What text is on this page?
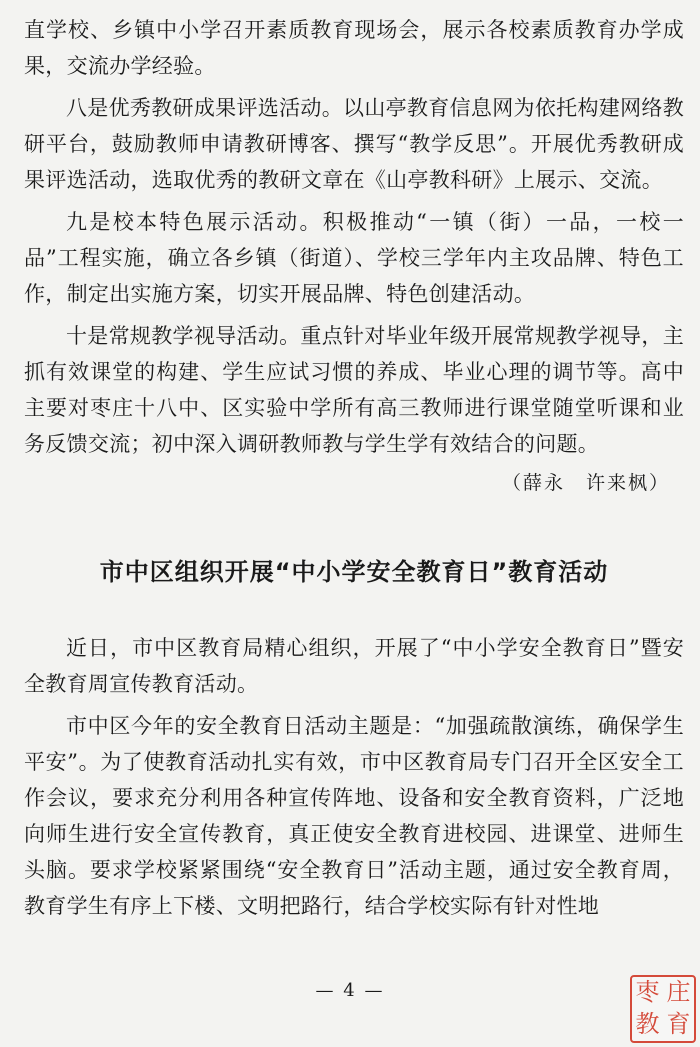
直学校、乡镇中小学召开素质教育现场会，展示各校素质教育办学成果，交流办学经验。

八是优秀教研成果评选活动。以山亭教育信息网为依托构建网络教研平台，鼓励教师申请教研博客、撰写“教学反思”。开展优秀教研成果评选活动，选取优秀的教研文章在《山亭教科研》上展示、交流。

九是校本特色展示活动。积极推动“一镇（街）一品，一校一品”工程实施，确立各乡镇（街道）、学校三学年内主攻品牌、特色工作，制定出实施方案，切实开展品牌、特色创建活动。

十是常规教学视导活动。重点针对毕业年级开展常规教学视导，主抓有效课堂的构建、学生应试习惯的养成、毕业心理的调节等。高中主要对枣庄十八中、区实验中学所有高三教师进行课堂随堂听课和业务反馈交流；初中深入调研教师教与学生学有效结合的问题。

（薛永　许来枫）

市中区组织开展“中小学安全教育日”教育活动

近日，市中区教育局精心组织，开展了“中小学安全教育日”暨安全教育周宣传教育活动。

市中区今年的安全教育日活动主题是：“加强疏散演练，确保学生平安”。为了使教育活动扎实有效，市中区教育局专门召开全区安全工作会议，要求充分利用各种宣传阵地、设备和安全教育资料，广泛地向师生进行安全宣传教育，真正使安全教育进校园、进课堂、进师生头脑。要求学校紧紧围绕“安全教育日”活动主题，通过安全教育周，教育学生有序上下楼、文明把路行，结合学校实际有针对性地

— 4 —	枣 庄
教 育
